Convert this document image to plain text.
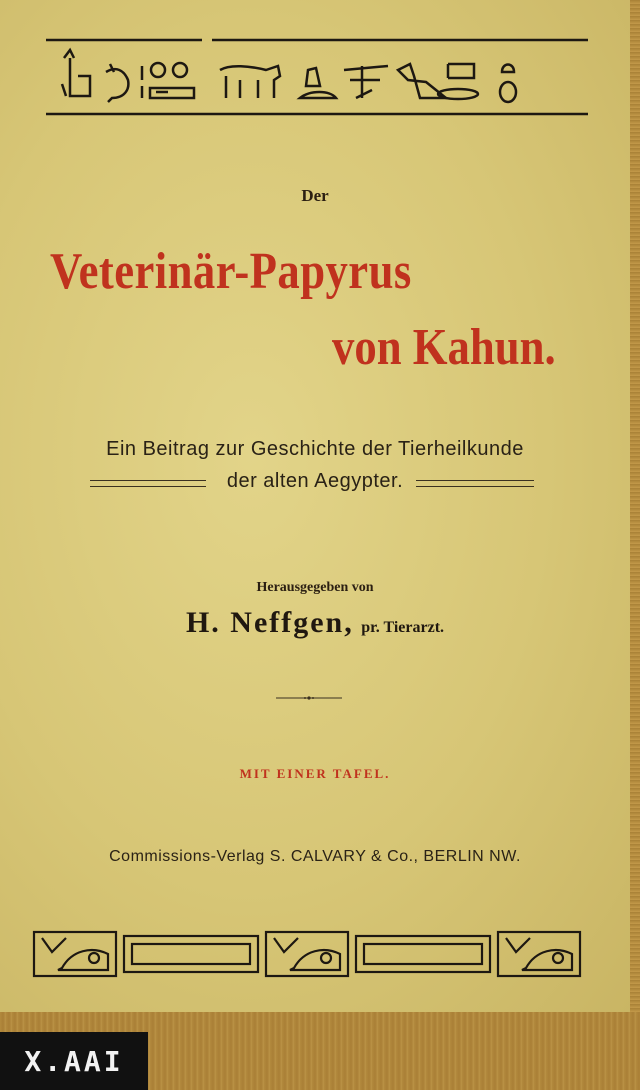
Der
Veterinär-Papyrus
von Kahun.
Ein Beitrag zur Geschichte der Tierheilkunde
der alten Aegypter.
Herausgegeben von
H. Neffgen, pr. Tierarzt.
MIT EINER TAFEL.
Commissions-Verlag S. CALVARY & Co., BERLIN NW.
X.AAI
